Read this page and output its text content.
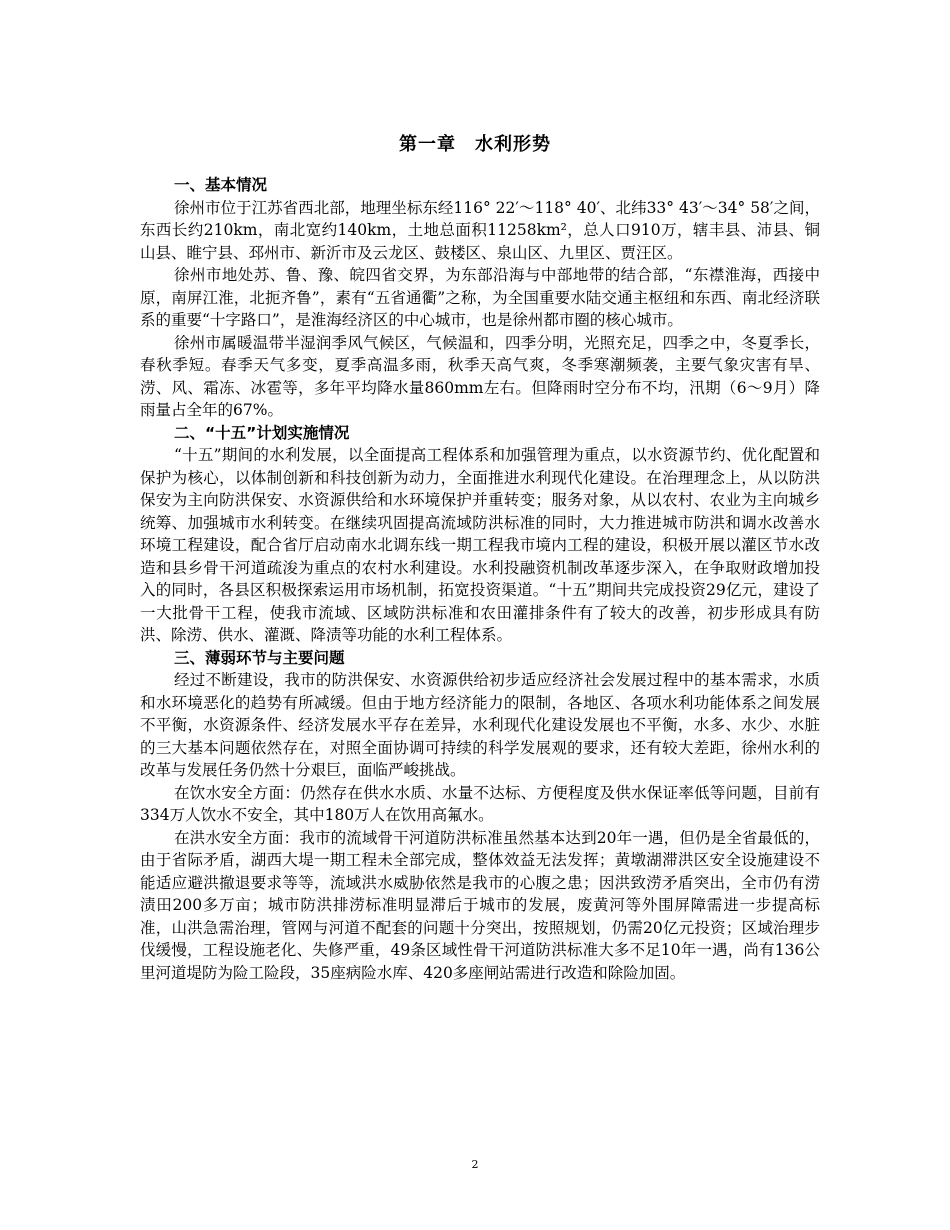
第一章　水利形势
一、基本情况

徐州市位于江苏省西北部，地理坐标东经116° 22′～118° 40′、北纬33° 43′～34° 58′之间，东西长约210km，南北宽约140km，土地总面积11258km²，总人口910万，辖丰县、沛县、铜山县、睢宁县、邳州市、新沂市及云龙区、鼓楼区、泉山区、九里区、贾汪区。

徐州市地处苏、鲁、豫、皖四省交界，为东部沿海与中部地带的结合部，“东襟淮海，西接中原，南屏江淮，北扼齐鲁”，素有“五省通衢”之称，为全国重要水陆交通主枢纽和东西、南北经济联系的重要“十字路口”，是淮海经济区的中心城市，也是徐州都市圈的核心城市。

徐州市属暖温带半湿润季风气候区，气候温和，四季分明，光照充足，四季之中，冬夏季长，春秋季短。春季天气多变，夏季高温多雨，秋季天高气爽，冬季寒潮频袭，主要气象灾害有旱、涝、风、霜冻、冰雹等，多年平均降水量860mm左右。但降雨时空分布不均，汛期（6～9月）降雨量占全年的67%。

二、“十五”计划实施情况

“十五”期间的水利发展，以全面提高工程体系和加强管理为重点，以水资源节约、优化配置和保护为核心，以体制创新和科技创新为动力，全面推进水利现代化建设。在治理理念上，从以防洪保安为主向防洪保安、水资源供给和水环境保护并重转变；服务对象，从以农村、农业为主向城乡统筹、加强城市水利转变。在继续巩固提高流域防洪标准的同时，大力推进城市防洪和调水改善水环境工程建设，配合省厅启动南水北调东线一期工程我市境内工程的建设，积极开展以灌区节水改造和县乡骨干河道疏浚为重点的农村水利建设。水利投融资机制改革逐步深入，在争取财政增加投入的同时，各县区积极探索运用市场机制，拓宽投资渠道。“十五”期间共完成投资29亿元，建设了一大批骨干工程，使我市流域、区域防洪标准和农田灌排条件有了较大的改善，初步形成具有防洪、除涝、供水、灌溉、降渍等功能的水利工程体系。

三、薄弱环节与主要问题

经过不断建设，我市的防洪保安、水资源供给初步适应经济社会发展过程中的基本需求，水质和水环境恶化的趋势有所减缓。但由于地方经济能力的限制，各地区、各项水利功能体系之间发展不平衡，水资源条件、经济发展水平存在差异，水利现代化建设发展也不平衡，水多、水少、水脏的三大基本问题依然存在，对照全面协调可持续的科学发展观的要求，还有较大差距，徐州水利的改革与发展任务仍然十分艰巨，面临严峻挑战。

在饮水安全方面：仍然存在供水水质、水量不达标、方便程度及供水保证率低等问题，目前有334万人饮水不安全，其中180万人在饮用高氟水。

在洪水安全方面：我市的流域骨干河道防洪标准虽然基本达到20年一遇，但仍是全省最低的，由于省际矛盾，湖西大堤一期工程未全部完成，整体效益无法发挥；黄墩湖滞洪区安全设施建设不能适应避洪撤退要求等等，流域洪水威胁依然是我市的心腹之患；因洪致涝矛盾突出，全市仍有涝渍田200多万亩；城市防洪排涝标准明显滞后于城市的发展，废黄河等外围屏障需进一步提高标准，山洪急需治理，管网与河道不配套的问题十分突出，按照规划，仍需20亿元投资；区域治理步伐缓慢，工程设施老化、失修严重，49条区域性骨干河道防洪标准大多不足10年一遇，尚有136公里河道堤防为险工险段，35座病险水库、420多座闸站需进行改造和除险加固。

2
